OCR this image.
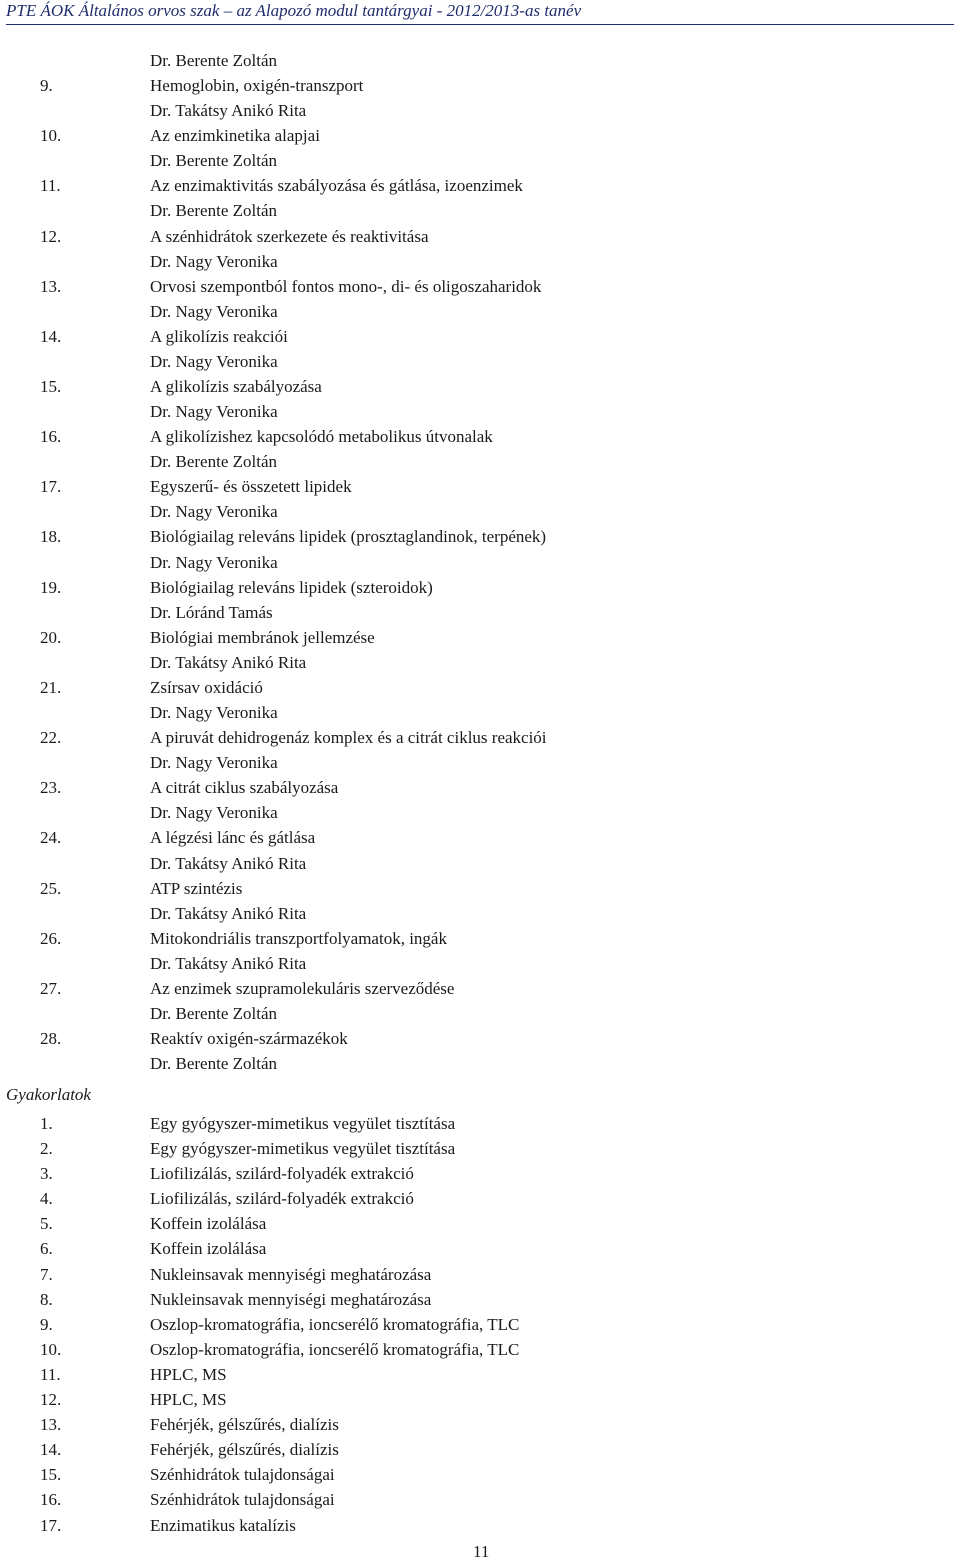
PTE ÁOK Általános orvos szak – az Alapozó modul tantárgyai - 2012/2013-as tanév
Dr. Berente Zoltán
9.	Hemoglobin, oxigén-transzport
Dr. Takátsy Anikó Rita
10.	Az enzimkinetika alapjai
Dr. Berente Zoltán
11.	Az enzimaktivitás szabályozása és gátlása, izoenzimek
Dr. Berente Zoltán
12.	A szénhidrátok szerkezete és reaktivitása
Dr. Nagy Veronika
13.	Orvosi szempontból fontos mono-, di- és oligoszaharidok
Dr. Nagy Veronika
14.	A glikolízis reakciói
Dr. Nagy Veronika
15.	A glikolízis szabályozása
Dr. Nagy Veronika
16.	A glikolízishez kapcsolódó metabolikus útvonalak
Dr. Berente Zoltán
17.	Egyszerű- és összetett lipidek
Dr. Nagy Veronika
18.	Biológiailag releváns lipidek (prosztaglandinok, terpének)
Dr. Nagy Veronika
19.	Biológiailag releváns lipidek (szteroidok)
Dr. Lóránd Tamás
20.	Biológiai membránok jellemzése
Dr. Takátsy Anikó Rita
21.	Zsírsav oxidáció
Dr. Nagy Veronika
22.	A piruvát dehidrogenáz komplex és a citrát ciklus reakciói
Dr. Nagy Veronika
23.	A citrát ciklus szabályozása
Dr. Nagy Veronika
24.	A légzési lánc és gátlása
Dr. Takátsy Anikó Rita
25.	ATP szintézis
Dr. Takátsy Anikó Rita
26.	Mitokondriális transzportfolyamatok, ingák
Dr. Takátsy Anikó Rita
27.	Az enzimek szupramolekuláris szerveződése
Dr. Berente Zoltán
28.	Reaktív oxigén-származékok
Dr. Berente Zoltán
Gyakorlatok
1.	Egy gyógyszer-mimetikus vegyület tisztítása
2.	Egy gyógyszer-mimetikus vegyület tisztítása
3.	Liofilizálás, szilárd-folyadék extrakció
4.	Liofilizálás, szilárd-folyadék extrakció
5.	Koffein izolálása
6.	Koffein izolálása
7.	Nukleinsavak mennyiségi meghatározása
8.	Nukleinsavak mennyiségi meghatározása
9.	Oszlop-kromatográfia, ioncserélő kromatográfia, TLC
10.	Oszlop-kromatográfia, ioncserélő kromatográfia, TLC
11.	HPLC, MS
12.	HPLC, MS
13.	Fehérjék, gélszűrés, dialízis
14.	Fehérjék, gélszűrés, dialízis
15.	Szénhidrátok tulajdonságai
16.	Szénhidrátok tulajdonságai
17.	Enzimatikus katalízis
11
